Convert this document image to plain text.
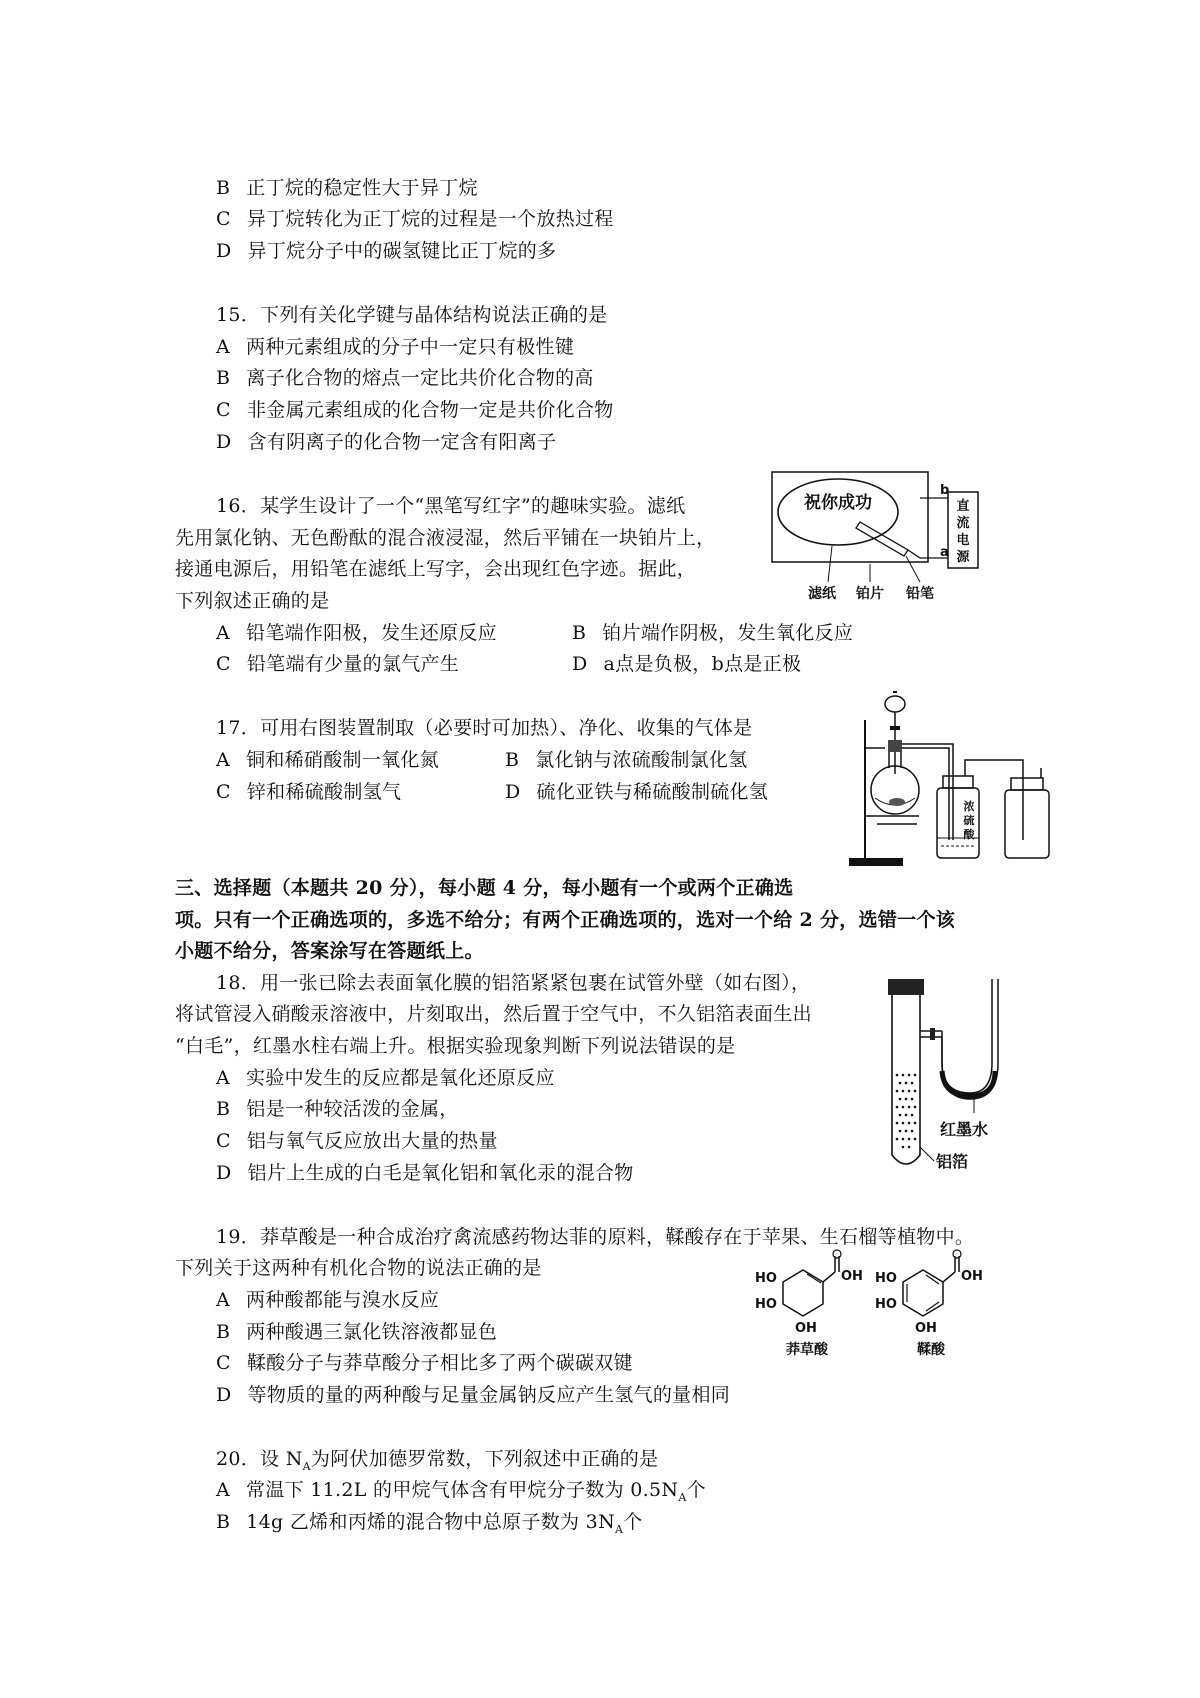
B 正丁烷的稳定性大于异丁烷
C 异丁烷转化为正丁烷的过程是一个放热过程
D 异丁烷分子中的碳氢键比正丁烷的多
15．下列有关化学键与晶体结构说法正确的是
A 两种元素组成的分子中一定只有极性键
B 离子化合物的熔点一定比共价化合物的高
C 非金属元素组成的化合物一定是共价化合物
D 含有阴离子的化合物一定含有阳离子
16．某学生设计了一个“黑笔写红字”的趣味实验。滤纸
先用氯化钠、无色酚酞的混合液浸湿，然后平铺在一块铂片上，
接通电源后，用铅笔在滤纸上写字，会出现红色字迹。据此，
下列叙述正确的是
A 铅笔端作阳极，发生还原反应	B 铂片端作阴极，发生氧化反应
C 铅笔端有少量的氯气产生	D a点是负极，b点是正极
祝你成功
b
a
直
流
电
源
滤纸 铂片 铅笔
17．可用右图装置制取（必要时可加热）、净化、收集的气体是
A 铜和稀硝酸制一氧化氮	B 氯化钠与浓硫酸制氯化氢
C 锌和稀硫酸制氢气	D 硫化亚铁与稀硫酸制硫化氢
浓
硫
酸
三、选择题（本题共 20 分），每小题 4 分，每小题有一个或两个正确选
项。只有一个正确选项的，多选不给分；有两个正确选项的，选对一个给 2 分，选错一个该
小题不给分，答案涂写在答题纸上。
18．用一张已除去表面氧化膜的铝箔紧紧包裹在试管外壁（如右图），
将试管浸入硝酸汞溶液中，片刻取出，然后置于空气中，不久铝箔表面生出
“白毛”，红墨水柱右端上升。根据实验现象判断下列说法错误的是
A 实验中发生的反应都是氧化还原反应
B 铝是一种较活泼的金属，
C 铝与氧气反应放出大量的热量
D 铝片上生成的白毛是氧化铝和氧化汞的混合物
红墨水
铝箔
19．莽草酸是一种合成治疗禽流感药物达菲的原料，鞣酸存在于苹果、生石榴等植物中。
下列关于这两种有机化合物的说法正确的是
A 两种酸都能与溴水反应
B 两种酸遇三氯化铁溶液都显色
C 鞣酸分子与莽草酸分子相比多了两个碳碳双键
D 等物质的量的两种酸与足量金属钠反应产生氢气的量相同
OH
HO
HO
OH
莽草酸
OH
HO
HO
OH
鞣酸
20．设 $N_A$为阿伏加德罗常数，下列叙述中正确的是
A 常温下 11.2L 的甲烷气体含有甲烷分子数为 $0.5N_A$个
B 14g 乙烯和丙烯的混合物中总原子数为 $3N_A$个
